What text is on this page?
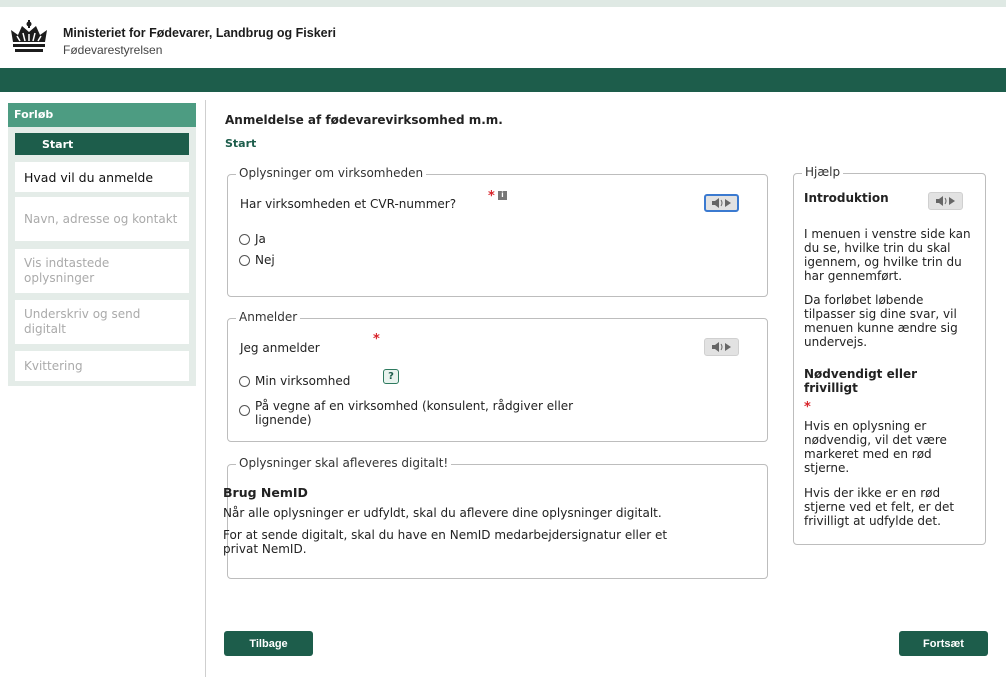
Ministeriet for Fødevarer, Landbrug og Fiskeri
Fødevarestyrelsen
Forløb
Start
Hvad vil du anmelde
Navn, adresse og kontakt
Vis indtastede oplysninger
Underskriv og send digitalt
Kvittering
Anmeldelse af fødevarevirksomhed m.m.
Start
Oplysninger om virksomheden
Har virksomheden et CVR-nummer? * i
Ja
Nej
Anmelder
Jeg anmelder
*
Min virksomhed	?
På vegne af en virksomhed (konsulent, rådgiver eller lignende)
Oplysninger skal afleveres digitalt!
Brug NemID
Når alle oplysninger er udfyldt, skal du aflevere dine oplysninger digitalt.
For at sende digitalt, skal du have en NemID medarbejdersignatur eller et privat NemID.
Hjælp
Introduktion
I menuen i venstre side kan du se, hvilke trin du skal igennem, og hvilke trin du har gennemført.
Da forløbet løbende tilpasser sig dine svar, vil menuen kunne ændre sig undervejs.
Nødvendigt eller frivilligt
*
Hvis en oplysning er nødvendig, vil det være markeret med en rød stjerne.
Hvis der ikke er en rød stjerne ved et felt, er det frivilligt at udfylde det.
Tilbage	Fortsæt
